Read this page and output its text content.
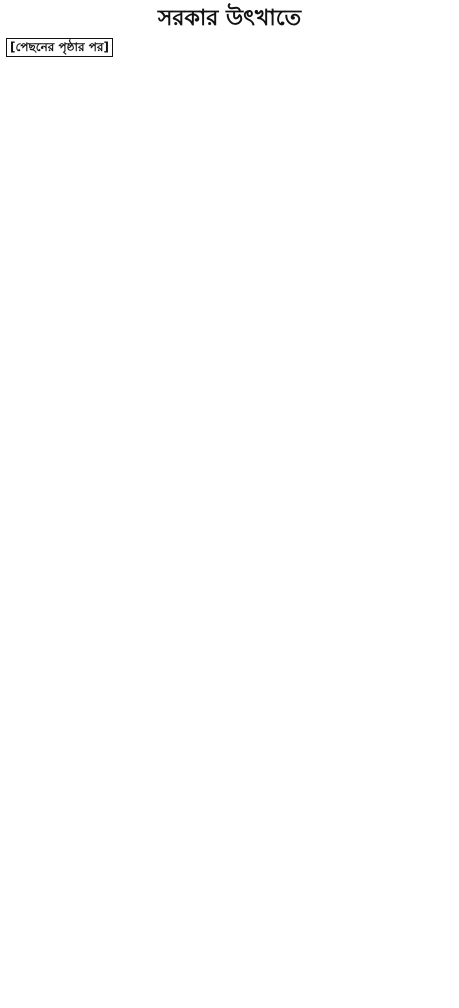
সরকার উৎখাতে
[পেছনের পৃষ্ঠার পর]
